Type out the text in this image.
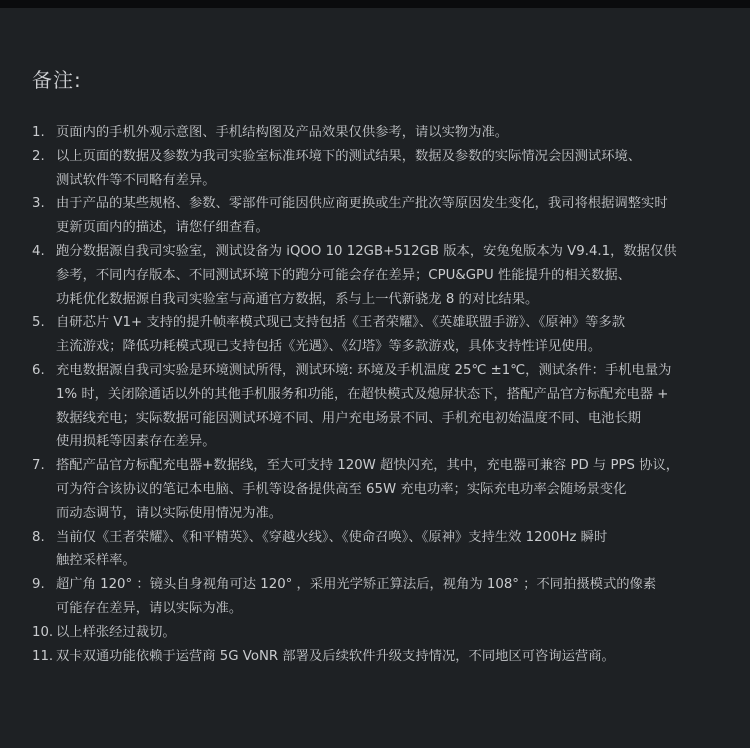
备注:
1. 页面内的手机外观示意图、手机结构图及产品效果仅供参考，请以实物为准。
2. 以上页面的数据及参数为我司实验室标准环境下的测试结果，数据及参数的实际情况会因测试环境、
测试软件等不同略有差异。
3. 由于产品的某些规格、参数、零部件可能因供应商更换或生产批次等原因发生变化，我司将根据调整实时
更新页面内的描述，请您仔细查看。
4. 跑分数据源自我司实验室，测试设备为 iQOO 10 12GB+512GB 版本，安兔兔版本为 V9.4.1，数据仅供
参考，不同内存版本、不同测试环境下的跑分可能会存在差异；CPU&GPU 性能提升的相关数据、
功耗优化数据源自我司实验室与高通官方数据，系与上一代新骁龙 8 的对比结果。
5. 自研芯片 V1+ 支持的提升帧率模式现已支持包括《王者荣耀》、《英雄联盟手游》、《原神》等多款
主流游戏；降低功耗模式现已支持包括《光遇》、《幻塔》等多款游戏，具体支持性详见使用。
6. 充电数据源自我司实验是环境测试所得，测试环境: 环境及手机温度 25℃ ±1℃，测试条件：手机电量为
1% 时，关闭除通话以外的其他手机服务和功能，在超快模式及熄屏状态下，搭配产品官方标配充电器 +
数据线充电；实际数据可能因测试环境不同、用户充电场景不同、手机充电初始温度不同、电池长期
使用损耗等因素存在差异。
7. 搭配产品官方标配充电器+数据线，至大可支持 120W 超快闪充，其中，充电器可兼容 PD 与 PPS 协议，
可为符合该协议的笔记本电脑、手机等设备提供高至 65W 充电功率；实际充电功率会随场景变化
而动态调节，请以实际使用情况为准。
8. 当前仅《王者荣耀》、《和平精英》、《穿越火线》、《使命召唤》、《原神》支持生效 1200Hz 瞬时
触控采样率。
9. 超广角 120° ：镜头自身视角可达 120° ，采用光学矫正算法后，视角为 108° ；不同拍摄模式的像素
可能存在差异，请以实际为准。
10. 以上样张经过裁切。
11. 双卡双通功能依赖于运营商 5G VoNR 部署及后续软件升级支持情况，不同地区可咨询运营商。
